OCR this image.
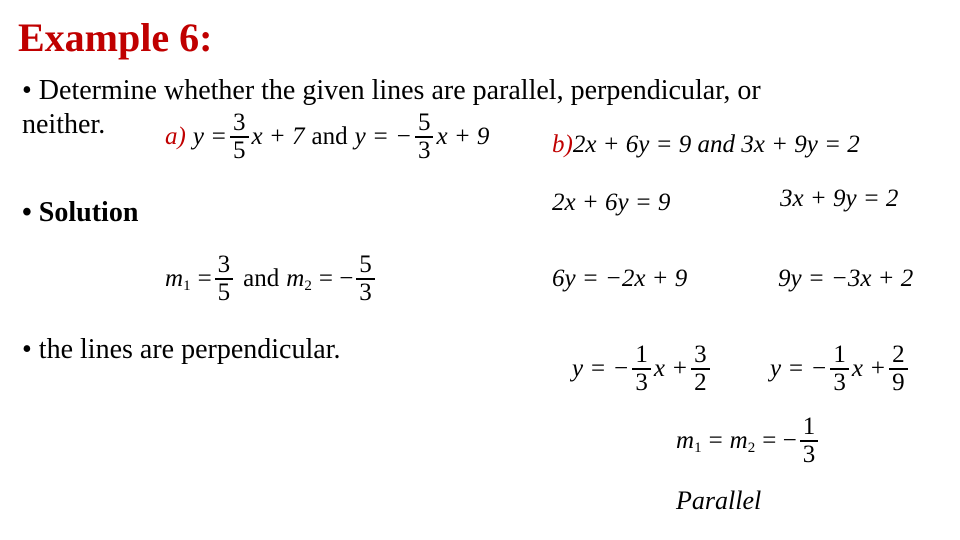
Example 6:
• Determine whether the given lines are parallel, perpendicular, or
neither.
• Solution
• the lines are perpendicular.
a) $y = \frac{3}{5}$ x + 7 and y = − $\frac{5}{3}$ x + 9
m $1 = \frac{3}{5}$ and m 2 = − $\frac{5}{3}$
b) 2x + 6y = 9 and 3x + 9y = 2
2x + 6y = 9	3x + 9y = 2
6y = −2x + 9	9y = −3x + 2
y = − $\frac{1}{3}$ $x + \frac{3}{2}$ y = − $\frac{1}{3}$ $x + \frac{2}{9}$
m 1 = m 2 = − $\frac{1}{3}$
Parallel
